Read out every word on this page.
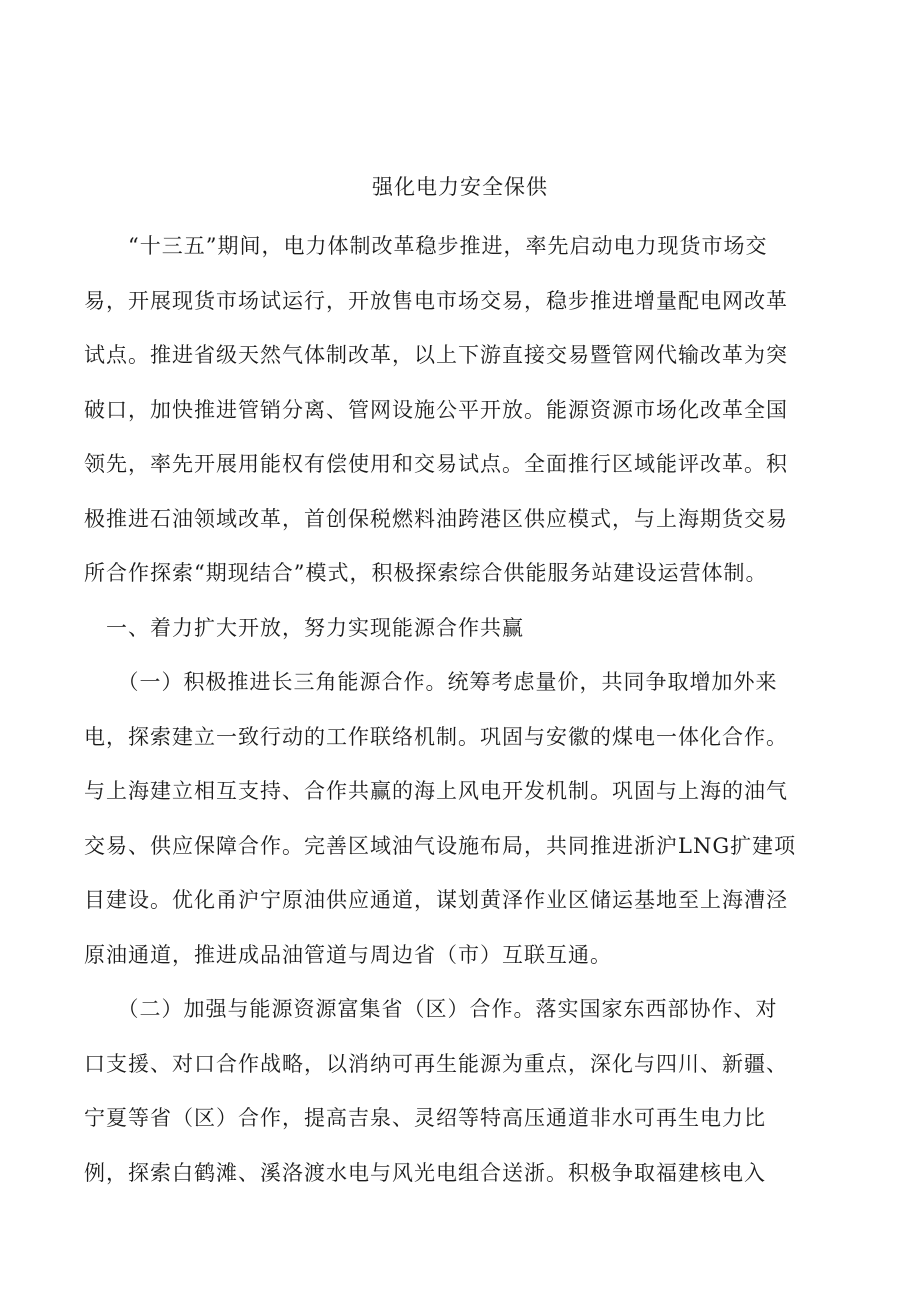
强化电力安全保供
　　“十三五”期间，电力体制改革稳步推进，率先启动电力现货市场交
易，开展现货市场试运行，开放售电市场交易，稳步推进增量配电网改革
试点。推进省级天然气体制改革，以上下游直接交易暨管网代输改革为突
破口，加快推进管销分离、管网设施公平开放。能源资源市场化改革全国
领先，率先开展用能权有偿使用和交易试点。全面推行区域能评改革。积
极推进石油领域改革，首创保税燃料油跨港区供应模式，与上海期货交易
所合作探索“期现结合”模式，积极探索综合供能服务站建设运营体制。
　一、着力扩大开放，努力实现能源合作共赢
　　（一）积极推进长三角能源合作。统筹考虑量价，共同争取增加外来
电，探索建立一致行动的工作联络机制。巩固与安徽的煤电一体化合作。
与上海建立相互支持、合作共赢的海上风电开发机制。巩固与上海的油气
交易、供应保障合作。完善区域油气设施布局，共同推进浙沪LNG扩建项
目建设。优化甬沪宁原油供应通道，谋划黄泽作业区储运基地至上海漕泾
原油通道，推进成品油管道与周边省（市）互联互通。
　　（二）加强与能源资源富集省（区）合作。落实国家东西部协作、对
口支援、对口合作战略，以消纳可再生能源为重点，深化与四川、新疆、
宁夏等省（区）合作，提高吉泉、灵绍等特高压通道非水可再生电力比
例，探索白鹤滩、溪洛渡水电与风光电组合送浙。积极争取福建核电入
